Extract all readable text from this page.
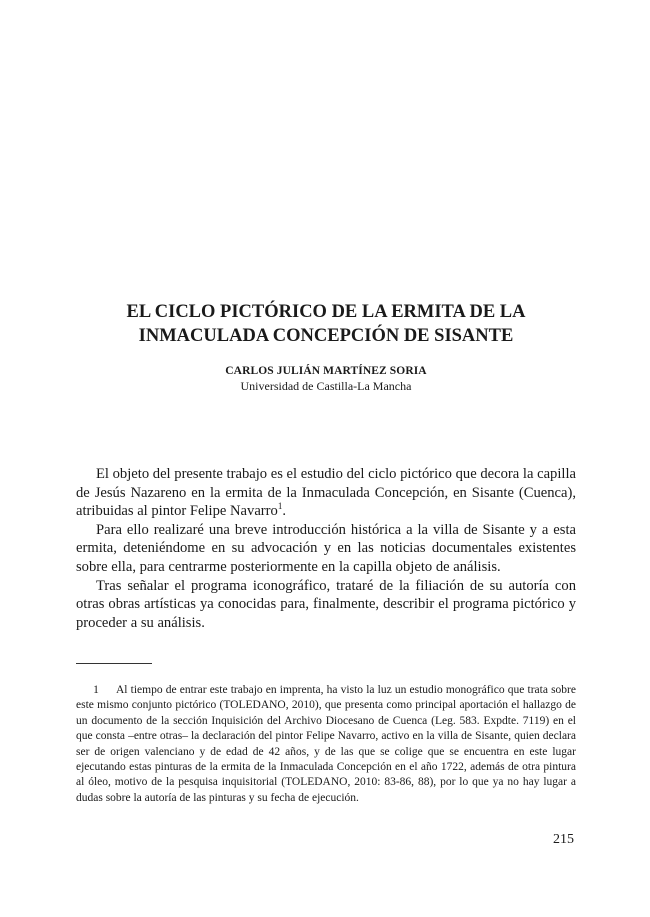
EL CICLO PICTÓRICO DE LA ERMITA DE LA
INMACULADA CONCEPCIÓN DE SISANTE
CARLOS JULIÁN MARTÍNEZ SORIA
Universidad de Castilla-La Mancha

El objeto del presente trabajo es el estudio del ciclo pictórico que decora la capilla de Jesús Nazareno en la ermita de la Inmaculada Concepción, en Sisante (Cuenca), atribuidas al pintor Felipe Navarro$^1$.

Para ello realizaré una breve introducción histórica a la villa de Sisante y a esta ermita, deteniéndome en su advocación y en las noticias documentales existentes sobre ella, para centrarme posteriormente en la capilla objeto de análisis.

Tras señalar el programa iconográfico, trataré de la filiación de su autoría con otras obras artísticas ya conocidas para, finalmente, describir el programa pictórico y proceder a su análisis.

1 Al tiempo de entrar este trabajo en imprenta, ha visto la luz un estudio monográfico que trata sobre este mismo conjunto pictórico (TOLEDANO, 2010), que presenta como principal aportación el hallazgo de un documento de la sección Inquisición del Archivo Diocesano de Cuenca (Leg. 583. Expdte. 7119) en el que consta –entre otras– la declaración del pintor Felipe Navarro, activo en la villa de Sisante, quien declara ser de origen valenciano y de edad de 42 años, y de las que se colige que se encuentra en este lugar ejecutando estas pinturas de la ermita de la Inmaculada Concepción en el año 1722, además de otra pintura al óleo, motivo de la pesquisa inquisitorial (TOLEDANO, 2010: 83-86, 88), por lo que ya no hay lugar a dudas sobre la autoría de las pinturas y su fecha de ejecución.
215
